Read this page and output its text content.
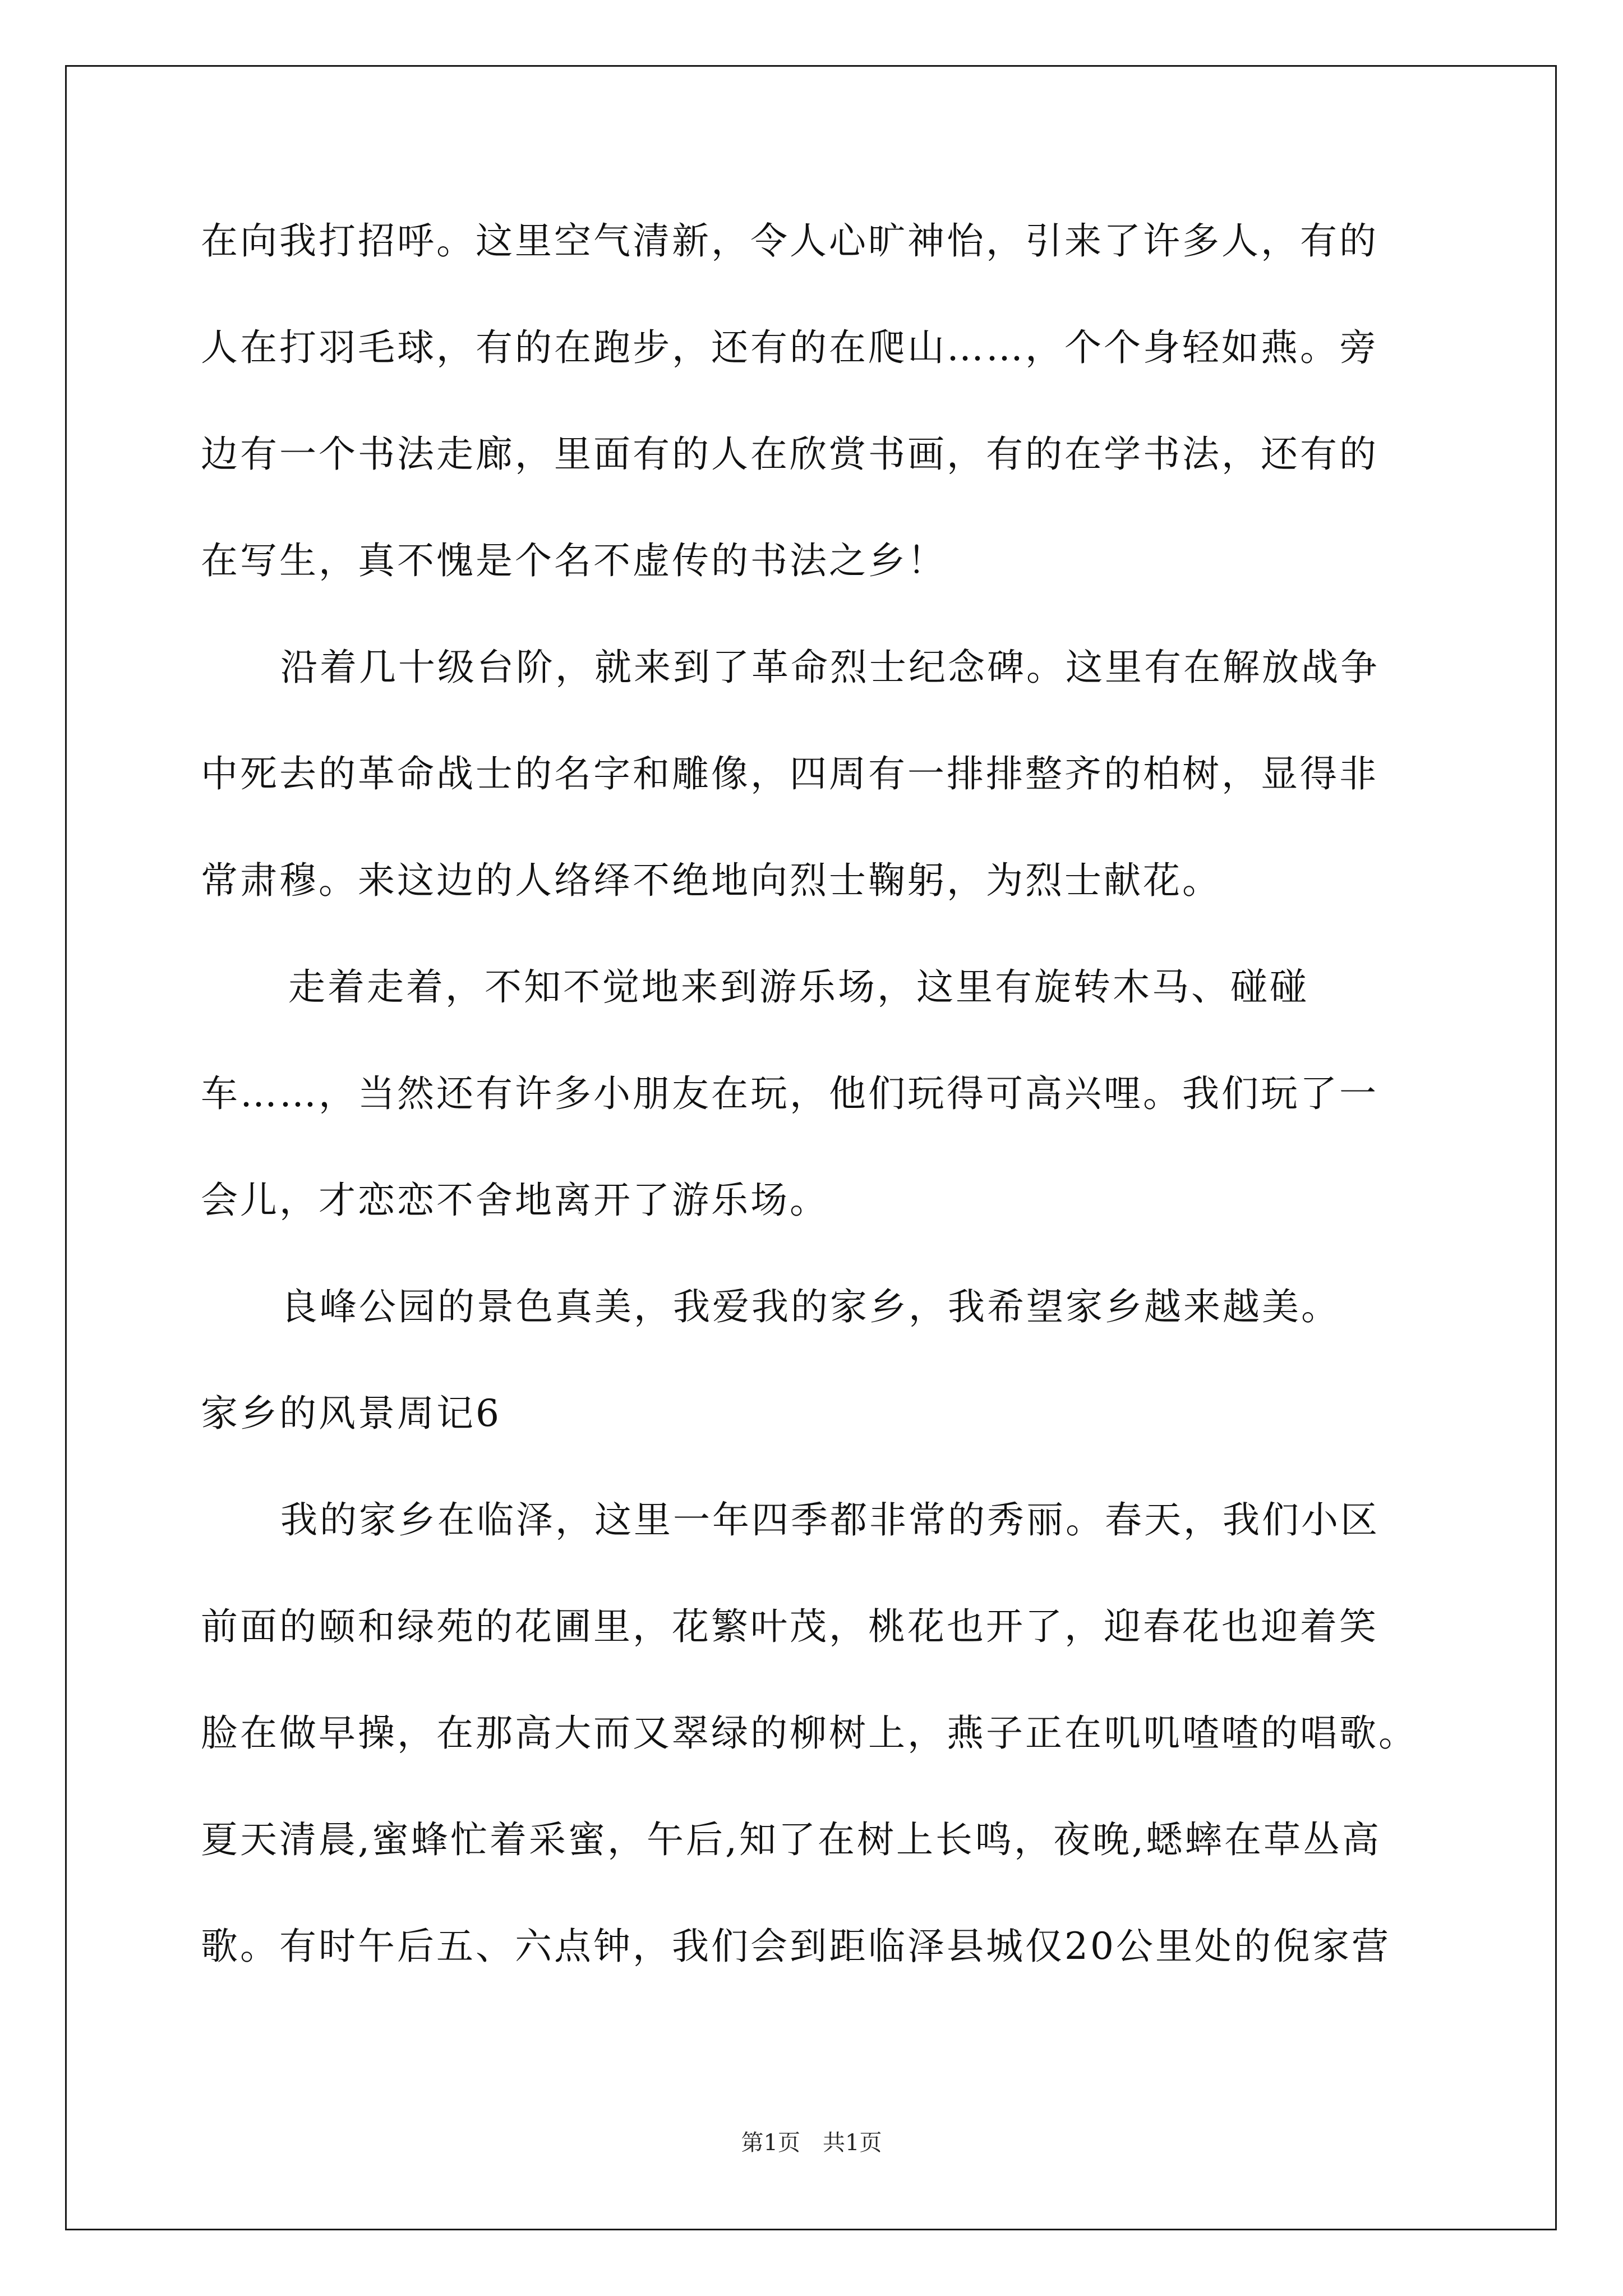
在向我打招呼。这里空气清新，令人心旷神怡，引来了许多人，有的
人在打羽毛球，有的在跑步，还有的在爬山……，个个身轻如燕。旁
边有一个书法走廊，里面有的人在欣赏书画，有的在学书法，还有的
在写生，真不愧是个名不虚传的书法之乡！
沿着几十级台阶，就来到了革命烈士纪念碑。这里有在解放战争
中死去的革命战士的名字和雕像，四周有一排排整齐的柏树，显得非
常肃穆。来这边的人络绎不绝地向烈士鞠躬，为烈士献花。
走着走着，不知不觉地来到游乐场，这里有旋转木马、碰碰
车……，当然还有许多小朋友在玩，他们玩得可高兴哩。我们玩了一
会儿，才恋恋不舍地离开了游乐场。
良峰公园的景色真美，我爱我的家乡，我希望家乡越来越美。
家乡的风景周记6
我的家乡在临泽，这里一年四季都非常的秀丽。春天，我们小区
前面的颐和绿苑的花圃里，花繁叶茂，桃花也开了，迎春花也迎着笑
脸在做早操，在那高大而又翠绿的柳树上，燕子正在叽叽喳喳的唱歌。
夏天清晨,蜜蜂忙着采蜜，午后,知了在树上长鸣，夜晚,蟋蟀在草丛高
歌。有时午后五、六点钟，我们会到距临泽县城仅20公里处的倪家营
第1页　共1页
